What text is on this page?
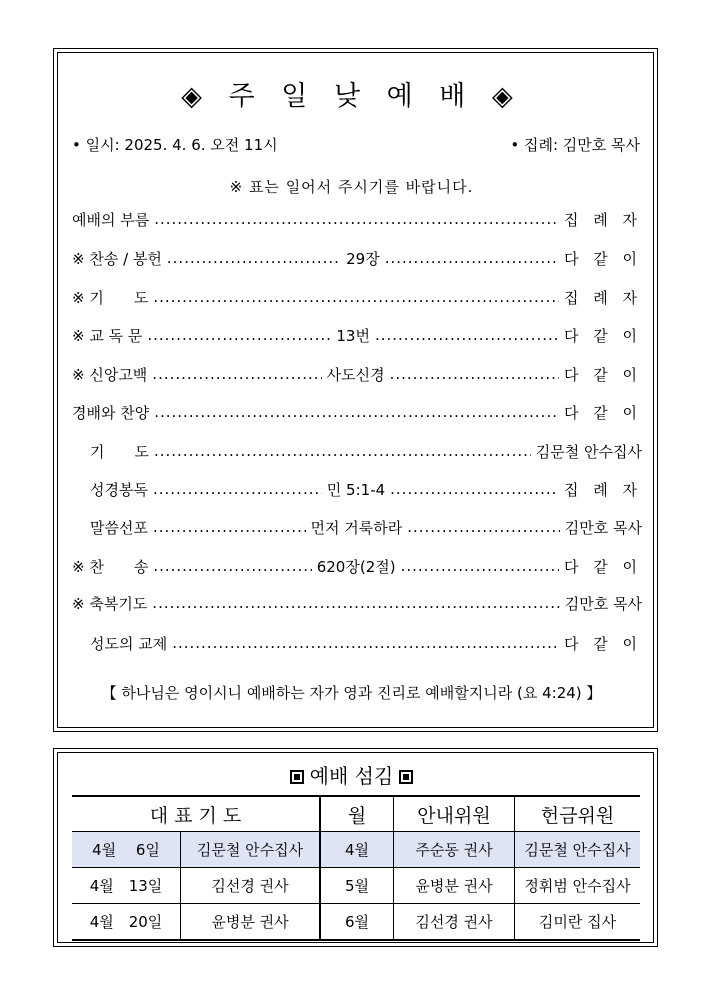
◈ 주 일 낮 예 배 ◈
• 일시: 2025. 4. 6. 오전 11시	• 집례: 김만호 목사
※ 표는 일어서 주시기를 바랍니다.
예배의 부름 .....	집 례 자
※ 찬송 / 봉헌 .....	29장 .....	다 같 이
※ 기　　도 .....	집 례 자
※ 교 독 문 .....	13번 .....	다 같 이
※ 신앙고백 .....	사도신경 .....	다 같 이
경배와 찬양 .....	다 같 이
기　　도 .....	김문철 안수집사
성경봉독 .....	민 5:1-4 .....	집 례 자
말씀선포 .....	먼저 거룩하라 .....	김만호 목사
※ 찬　　송 .....	620장(2절) .....	다 같 이
※ 축복기도 .....	김만호 목사
성도의 교제 .....	다 같 이
【 하나님은 영이시니 예배하는 자가 영과 진리로 예배할지니라 (요 4:24) 】
예배 섬김
대 표 기 도		월	안내위원	헌금위원
4월　 6일	김문철 안수집사	4월	주순동 권사	김문철 안수집사
4월　13일	김선경 권사	5월	윤병분 권사	정휘범 안수집사
4월　20일	윤병분 권사	6월	김선경 권사	김미란 집사
